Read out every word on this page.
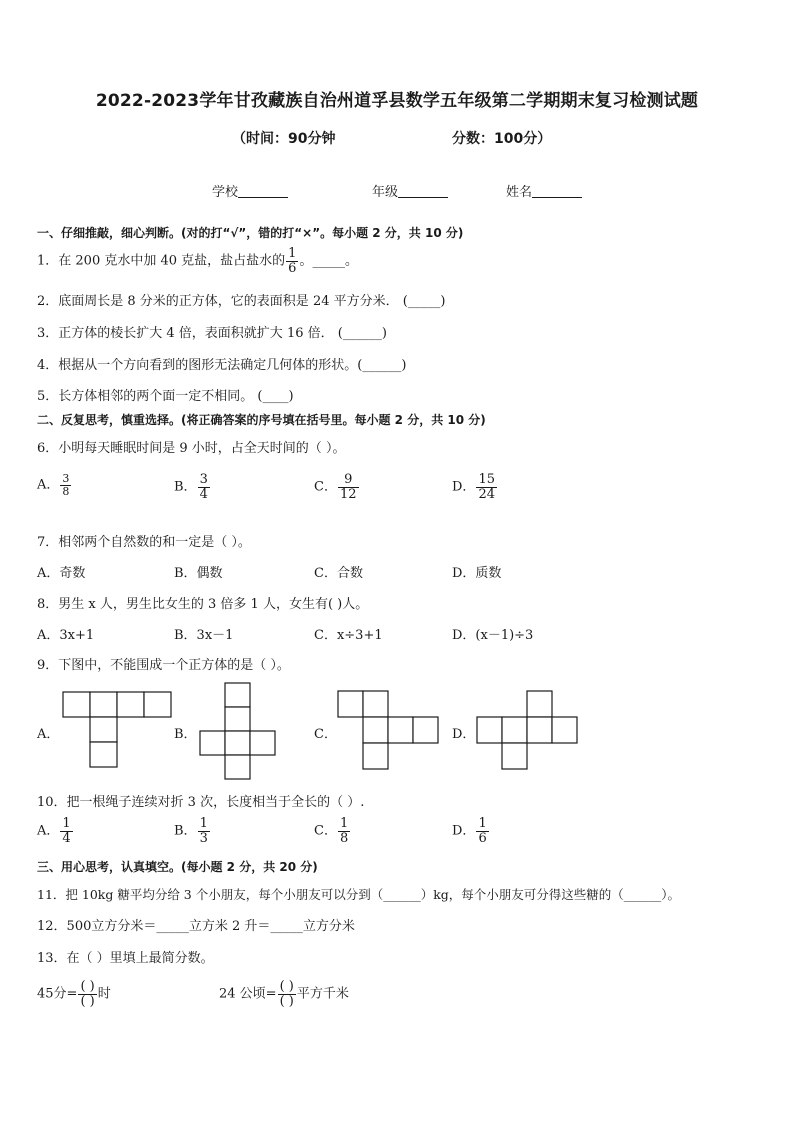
2022-2023学年甘孜藏族自治州道孚县数学五年级第二学期期末复习检测试题
（时间：90分钟	分数：100分）
学校	年级	姓名
一、仔细推敲，细心判断。(对的打“√”，错的打“×”。每小题 2 分，共 10 分)
1．在 200 克水中加 40 克盐，盐占盐水的 $\frac{1}{6}$ 。_____。
2．底面周长是 8 分米的正方体，它的表面积是 24 平方分米． (_____)
3．正方体的棱长扩大 4 倍，表面积就扩大 16 倍． (______)
4．根据从一个方向看到的图形无法确定几何体的形状。(______)
5．长方体相邻的两个面一定不相同。 (____)
二、反复思考，慎重选择。(将正确答案的序号填在括号里。每小题 2 分，共 10 分)
6．小明每天睡眠时间是 9 小时，占全天时间的（ ）。
A． $\frac{3}{8}$	B． $\frac{3}{4}$	C． $\frac{9}{12}$	D． $\frac{15}{24}$
7．相邻两个自然数的和一定是（ ）。
A．奇数	B．偶数	C．合数	D．质数
8．男生 x 人，男生比女生的 3 倍多 1 人，女生有( )人。
A．3x+1	B．3x－1	C．x÷3+1	D．(x－1)÷3
9．下图中，不能围成一个正方体的是（ ）。
A．	B．	C．	D．
10．把一根绳子连续对折 3 次，长度相当于全长的（ ）.
A． $\frac{1}{4}$	B． $\frac{1}{3}$	C． $\frac{1}{8}$	D． $\frac{1}{6}$
三、用心思考，认真填空。(每小题 2 分，共 20 分)
11．把 10kg 糖平均分给 3 个小朋友，每个小朋友可以分到（______）kg，每个小朋友可分得这些糖的（______）。
12．500立方分米＝_____立方米 2 升＝_____立方分米
13．在（ ）里填上最简分数。
45分= $\frac{( )}{( )}$ 时	24 公顷= $\frac{( )}{( )}$ 平方千米
